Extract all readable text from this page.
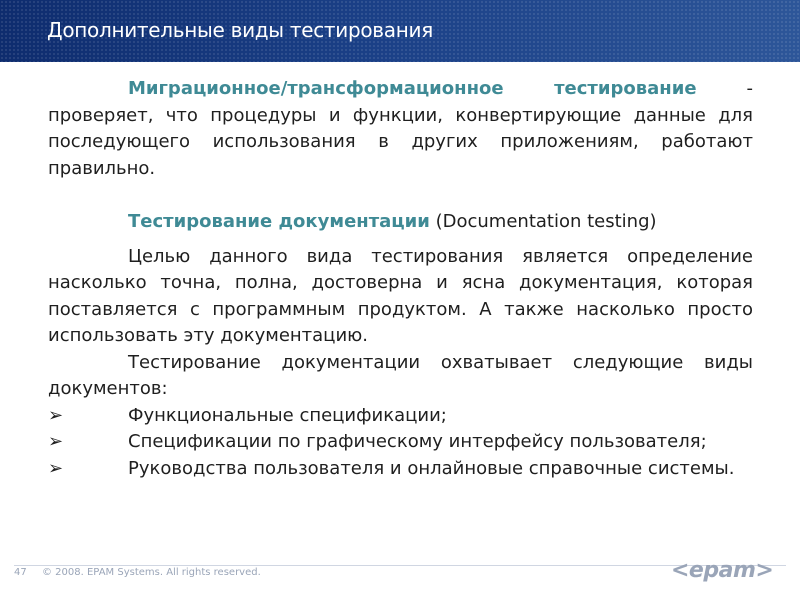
Дополнительные виды тестирования

Миграционное/трансформационное тестирование - проверяет, что процедуры и функции, конвертирующие данные для последующего использования в других приложениям, работают правильно.

Тестирование документации (Documentation testing)

Целью данного вида тестирования является определение насколько точна, полна, достоверна и ясна документация, которая поставляется с программным продуктом. А также насколько просто использовать эту документацию.

Тестирование документации охватывает следующие виды документов:

➢	Функциональные спецификации;
➢	Спецификации по графическому интерфейсу пользователя;
➢	Руководства пользователя и онлайновые справочные системы.
47 © 2008. EPAM Systems. All rights reserved.	<epam>
